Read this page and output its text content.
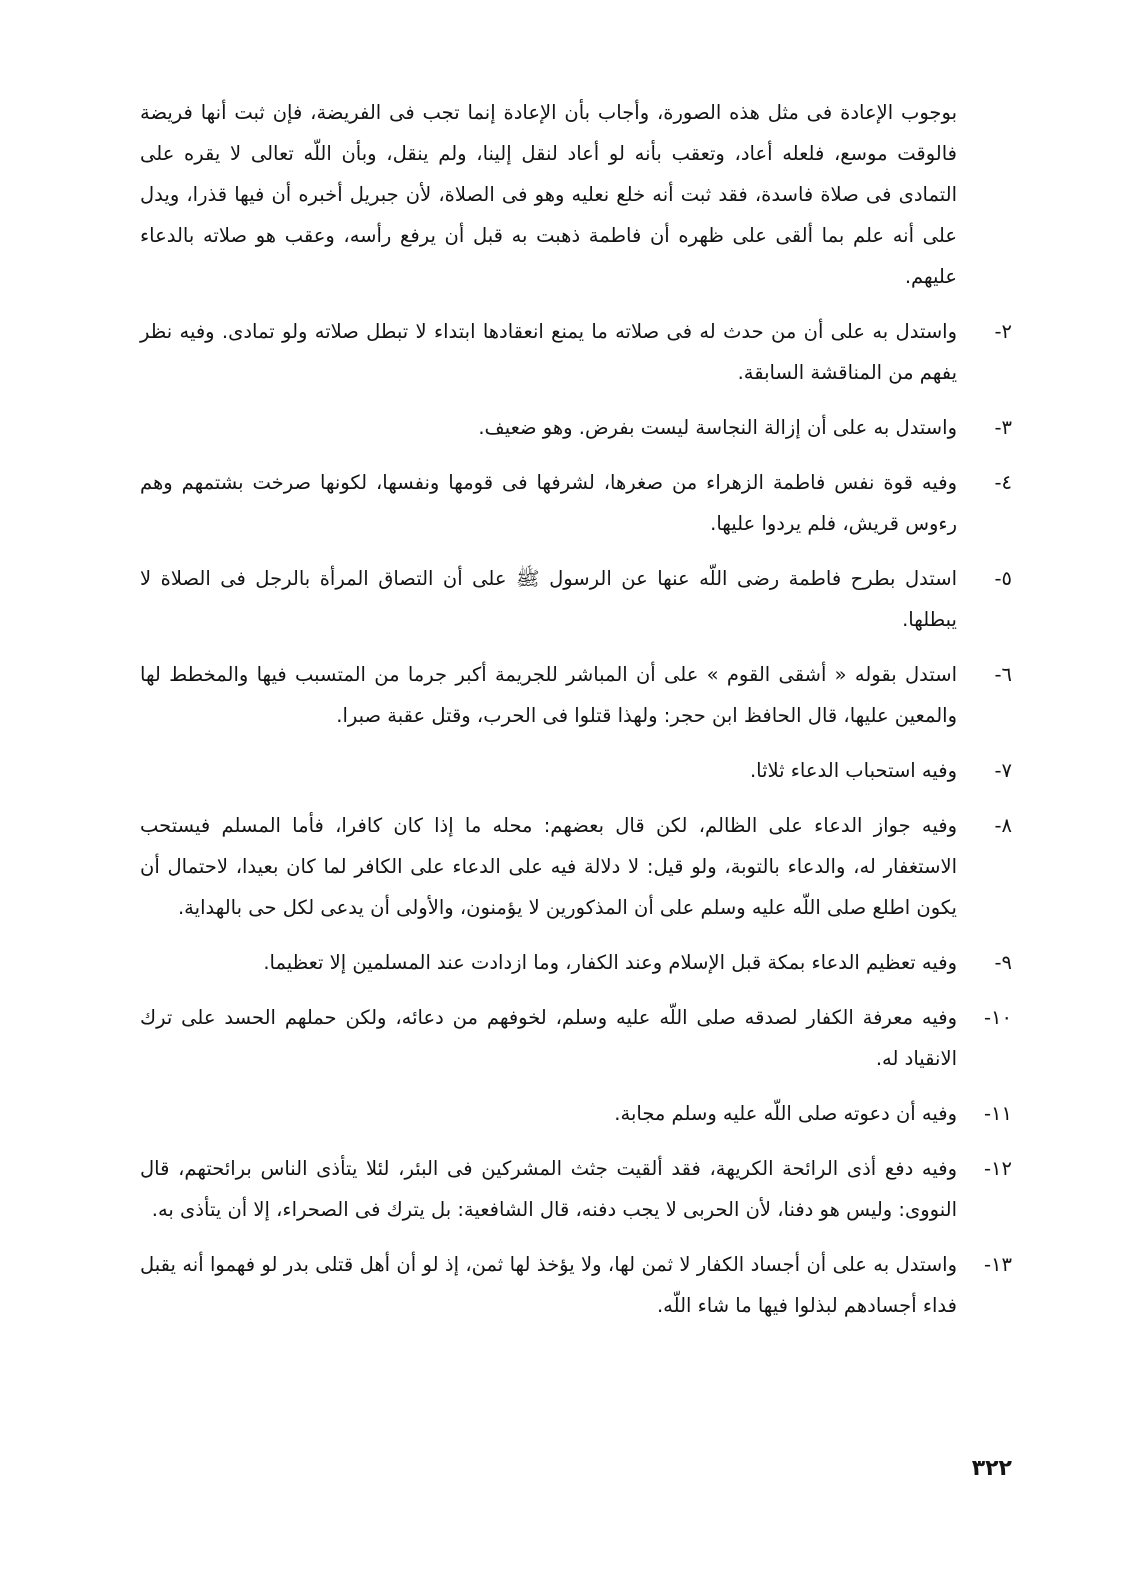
بوجوب الإعادة فى مثل هذه الصورة، وأجاب بأن الإعادة إنما تجب فى الفريضة، فإن ثبت أنها فريضة فالوقت موسع، فلعله أعاد، وتعقب بأنه لو أعاد لنقل إلينا، ولم ينقل، وبأن اللّه تعالى لا يقره على التمادى فى صلاة فاسدة، فقد ثبت أنه خلع نعليه وهو فى الصلاة، لأن جبريل أخبره أن فيها قذرا، ويدل على أنه علم بما ألقى على ظهره أن فاطمة ذهبت به قبل أن يرفع رأسه، وعقب هو صلاته بالدعاء عليهم.

٢-

واستدل به على أن من حدث له فى صلاته ما يمنع انعقادها ابتداء لا تبطل صلاته ولو تمادى. وفيه نظر يفهم من المناقشة السابقة.

٣-

واستدل به على أن إزالة النجاسة ليست بفرض. وهو ضعيف.

٤-

وفيه قوة نفس فاطمة الزهراء من صغرها، لشرفها فى قومها ونفسها، لكونها صرخت بشتمهم وهم رءوس قريش، فلم يردوا عليها.

٥-

استدل بطرح فاطمة رضى اللّه عنها عن الرسول ﷺ على أن التصاق المرأة بالرجل فى الصلاة لا يبطلها.

٦-

استدل بقوله « أشقى القوم » على أن المباشر للجريمة أكبر جرما من المتسبب فيها والمخطط لها والمعين عليها، قال الحافظ ابن حجر: ولهذا قتلوا فى الحرب، وقتل عقبة صبرا.

٧-

وفيه استحباب الدعاء ثلاثا.

٨-

وفيه جواز الدعاء على الظالم، لكن قال بعضهم: محله ما إذا كان كافرا، فأما المسلم فيستحب الاستغفار له، والدعاء بالتوبة، ولو قيل: لا دلالة فيه على الدعاء على الكافر لما كان بعيدا، لاحتمال أن يكون اطلع صلى اللّه عليه وسلم على أن المذكورين لا يؤمنون، والأولى أن يدعى لكل حى بالهداية.

٩-

وفيه تعظيم الدعاء بمكة قبل الإسلام وعند الكفار، وما ازدادت عند المسلمين إلا تعظيما.

١٠-

وفيه معرفة الكفار لصدقه صلى اللّه عليه وسلم، لخوفهم من دعائه، ولكن حملهم الحسد على ترك الانقياد له.

١١-

وفيه أن دعوته صلى اللّه عليه وسلم مجابة.

١٢-

وفيه دفع أذى الرائحة الكريهة، فقد ألقيت جثث المشركين فى البئر، لئلا يتأذى الناس برائحتهم، قال النووى: وليس هو دفنا، لأن الحربى لا يجب دفنه، قال الشافعية: بل يترك فى الصحراء، إلا أن يتأذى به.

١٣-

واستدل به على أن أجساد الكفار لا ثمن لها، ولا يؤخذ لها ثمن، إذ لو أن أهل قتلى بدر لو فهموا أنه يقبل فداء أجسادهم لبذلوا فيها ما شاء اللّه.

٣٢٢
